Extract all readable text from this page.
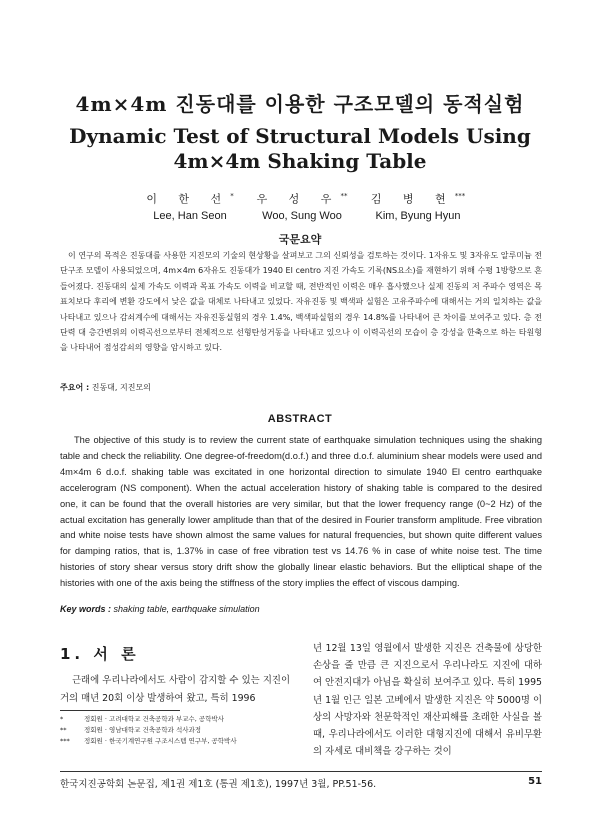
4m×4m 진동대를 이용한 구조모델의 동적실험
Dynamic Test of Structural Models Using 4m×4m Shaking Table
이 한 선*
Lee, Han Seon
우 성 우**
Woo, Sung Woo
김 병 현***
Kim, Byung Hyun
국문요약
이 연구의 목적은 진동대를 사용한 지진모의 기술의 현상황을 살펴보고 그의 신뢰성을 검토하는 것이다. 1자유도 및 3자유도 알루미늄 전단구조 모델이 사용되었으며, 4m×4m 6자유도 진동대가 1940 El centro 지진 가속도 기록(NS요소)를 재현하기 위해 수평 1방향으로 흔들어졌다. 진동대의 실제 가속도 이력과 목표 가속도 이력을 비교할 때, 전반적인 이력은 매우 흡사했으나 실제 진동의 저 주파수 영역은 목표치보다 후리에 변환 강도에서 낮은 값을 대체로 나타내고 있었다. 자유진동 및 백색파 실험은 고유주파수에 대해서는 거의 일치하는 값을 나타내고 있으나 감쇠계수에 대해서는 자유진동실험의 경우 1.4%, 백색파실험의 경우 14.8%를 나타내어 큰 차이를 보여주고 있다. 층 전단력 대 층간변위의 이력곡선으로부터 전체적으로 선형탄성거동을 나타내고 있으나 이 이력곡선의 모습이 층 강성을 한축으로 하는 타원형을 나타내어 점성감쇠의 영향을 암시하고 있다.
주요어 : 진동대, 지진모의
ABSTRACT
The objective of this study is to review the current state of earthquake simulation techniques using the shaking table and check the reliability. One degree-of-freedom(d.o.f.) and three d.o.f. aluminium shear models were used and 4m×4m 6 d.o.f. shaking table was excitated in one horizontal direction to simulate 1940 El centro earthquake accelerogram (NS component). When the actual acceleration history of shaking table is compared to the desired one, it can be found that the overall histories are very similar, but that the lower frequency range (0~2 Hz) of the actual excitation has generally lower amplitude than that of the desired in Fourier transform amplitude. Free vibration and white noise tests have shown almost the same values for natural frequencies, but shown quite different values for damping ratios, that is, 1.37% in case of free vibration test vs 14.76 % in case of white noise test. The time histories of story shear versus story drift show the globally linear elastic behaviors. But the elliptical shape of the histories with one of the axis being the stiffness of the story implies the effect of viscous damping.
Key words : shaking table, earthquake simulation
1. 서 론
근래에 우리나라에서도 사람이 감지할 수 있는 지진이 거의 매년 20회 이상 발생하여 왔고, 특히 1996
년 12월 13일 영월에서 발생한 지진은 건축물에 상당한 손상을 줄 만큼 큰 지진으로서 우리나라도 지진에 대하여 안전지대가 아님을 확실히 보여주고 있다. 특히 1995년 1월 인근 일본 고베에서 발생한 지진은 약 5000명 이상의 사망자와 천문학적인 재산피해를 초래한 사실을 볼 때, 우리나라에서도 이러한 대형지진에 대해서 유비무환의 자세로 대비책을 강구하는 것이
*	정회원 · 고려대학교 건축공학과 부교수, 공학박사
**	정회원 · 영남대학교 건축공학과 석사과정
***	정회원 · 한국기계연구원 구조시스템 연구부, 공학박사
한국지진공학회 논문집, 제1권 제1호 (통권 제1호), 1997년 3월, PP.51-56.	51
